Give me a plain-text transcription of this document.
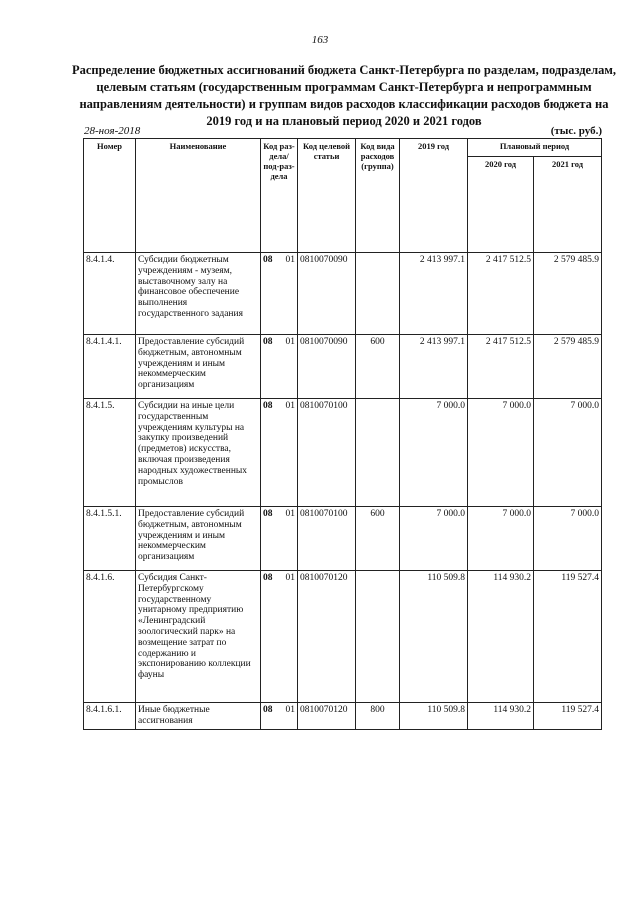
163
Распределение бюджетных ассигнований бюджета Санкт-Петербурга по разделам, подразделам, целевым статьям (государственным программам Санкт-Петербурга и непрограммным направлениям деятельности) и группам видов расходов классификации расходов бюджета на 2019 год и на плановый период 2020 и 2021 годов
28-ноя-2018	(тыс. руб.)
Номер	Наименование	Код раз-дела/ под-раз-дела		Код целевой статьи	Код вида расходов (группа)	2019 год	Плановый период	
							2020 год	2021 год
8.4.1.4.	Субсидии бюджетным учреждениям - музеям, выставочному залу на финансовое обеспечение выполнения государственного задания	08	01	0810070090		2 413 997.1	2 417 512.5	2 579 485.9
8.4.1.4.1.	Предоставление субсидий бюджетным, автономным учреждениям и иным некоммерческим организациям	08	01	0810070090	600	2 413 997.1	2 417 512.5	2 579 485.9
8.4.1.5.	Субсидии на иные цели государственным учреждениям культуры на закупку произведений (предметов) искусства, включая произведения народных художественных промыслов	08	01	0810070100		7 000.0	7 000.0	7 000.0
8.4.1.5.1.	Предоставление субсидий бюджетным, автономным учреждениям и иным некоммерческим организациям	08	01	0810070100	600	7 000.0	7 000.0	7 000.0
8.4.1.6.	Субсидия Санкт-Петербургскому государственному унитарному предприятию «Ленинградский зоологический парк» на возмещение затрат по содержанию и экспонированию коллекции фауны	08	01	0810070120		110 509.8	114 930.2	119 527.4
8.4.1.6.1.	Иные бюджетные ассигнования	08	01	0810070120	800	110 509.8	114 930.2	119 527.4
